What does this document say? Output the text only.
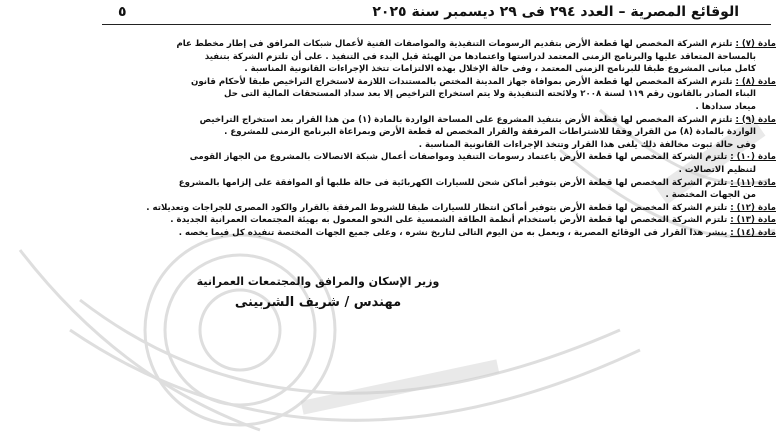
الوقائع المصرية – العدد ٢٩٤ فى ٢٩ ديسمبر سنة ٢٠٢٥
٥
مادة (٧) :تلتزم الشركة المخصص لها قطعة الأرض بتقديم الرسومات التنفيذية والمواصفات الفنية لأعمال شبكات المرافق فى إطار مخطط عام
بالمساحة المتعاقد عليها والبرنامج الزمنى المعتمد لدراستها واعتمادها من الهيئة قبل البدء فى التنفيذ . على أن تلتزم الشركة بتنفيذ
كامل مبانى المشروع طبقا للبرنامج الزمنى المعتمد ، وفى حالة الإخلال بهذه الالتزامات تتخذ الإجراءات القانونية المناسبة .
مادة (٨) :تلتزم الشركة المخصص لها قطعة الأرض بموافاة جهاز المدينة المختص بالمستندات اللازمة لاستخراج التراخيص طبقا لأحكام قانون
البناء الصادر بالقانون رقم ١١٩ لسنة ٢٠٠٨ ولائحته التنفيذية ولا يتم استخراج التراخيص إلا بعد سداد المستحقات المالية التى حل
ميعاد سدادها .
مادة (٩) :تلتزم الشركة المخصص لها قطعة الأرض بتنفيذ المشروع على المساحة الواردة بالمادة (١) من هذا القرار بعد استخراج التراخيص
الواردة بالمادة (٨) من القرار وفقا للاشتراطات المرفقة والقرار المخصص له قطعة الأرض وبمراعاة البرنامج الزمنى للمشروع .
وفى حالة ثبوت مخالفة ذلك يلغى هذا القرار وتتخذ الإجراءات القانونية المناسبة .
مادة (١٠) :تلتزم الشركة المخصص لها قطعة الأرض باعتماد رسومات التنفيذ ومواصفات أعمال شبكة الاتصالات بالمشروع من الجهاز القومى
لتنظيم الاتصالات .
مادة (١١) :تلتزم الشركة المخصص لها قطعة الأرض بتوفير أماكن شحن للسيارات الكهربائية فى حالة طلبها أو الموافقة على إلزامها بالمشروع
من الجهات المختصة .
مادة (١٢) :تلتزم الشركة المخصص لها قطعة الأرض بتوفير أماكن انتظار للسيارات طبقا للشروط المرفقة بالقرار والكود المصرى للجراجات وتعديلاته .
مادة (١٣) :تلتزم الشركة المخصص لها قطعة الأرض باستخدام أنظمة الطاقة الشمسية على النحو المعمول به بهيئة المجتمعات العمرانية الجديدة .
مادة (١٤) :ينشر هذا القرار فى الوقائع المصرية ، ويعمل به من اليوم التالى لتاريخ نشره ، وعلى جميع الجهات المختصة تنفيذه كل فيما يخصه .
وزير الإسكان والمرافق والمجتمعات العمرانية
مهندس / شريف الشربينى
